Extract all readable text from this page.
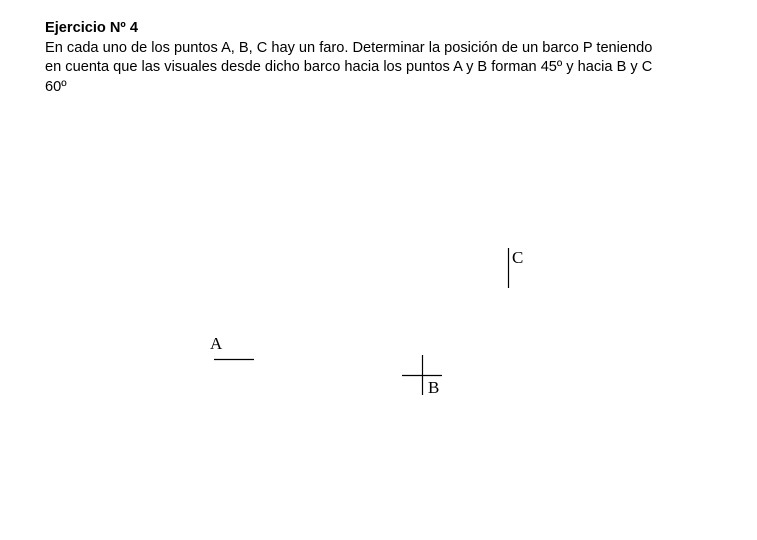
Ejercicio Nº 4
En cada uno de los puntos A, B, C hay un faro. Determinar la posición de un barco P teniendo
en cuenta que las visuales desde dicho barco hacia los puntos A y B forman 45º y hacia B y C
60º
C
A
B
